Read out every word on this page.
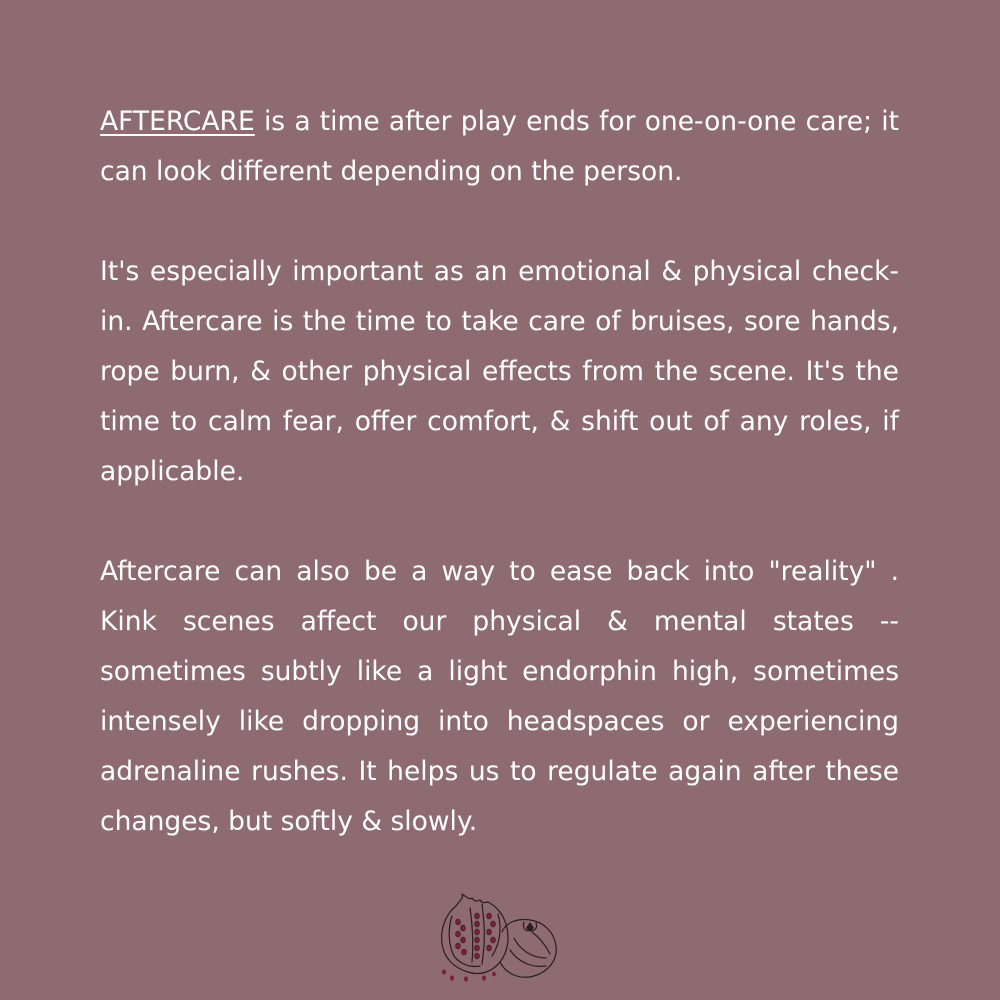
AFTERCARE is a time after play ends for one-on-one care; it can look different depending on the person.

It's especially important as an emotional & physical check-in. Aftercare is the time to take care of bruises, sore hands, rope burn, & other physical effects from the scene. It's the time to calm fear, offer comfort, & shift out of any roles, if applicable.

Aftercare can also be a way to ease back into "reality" . Kink scenes affect our physical & mental states -- sometimes subtly like a light endorphin high, sometimes intensely like dropping into headspaces or experiencing adrenaline rushes. It helps us to regulate again after these changes, but softly & slowly.
